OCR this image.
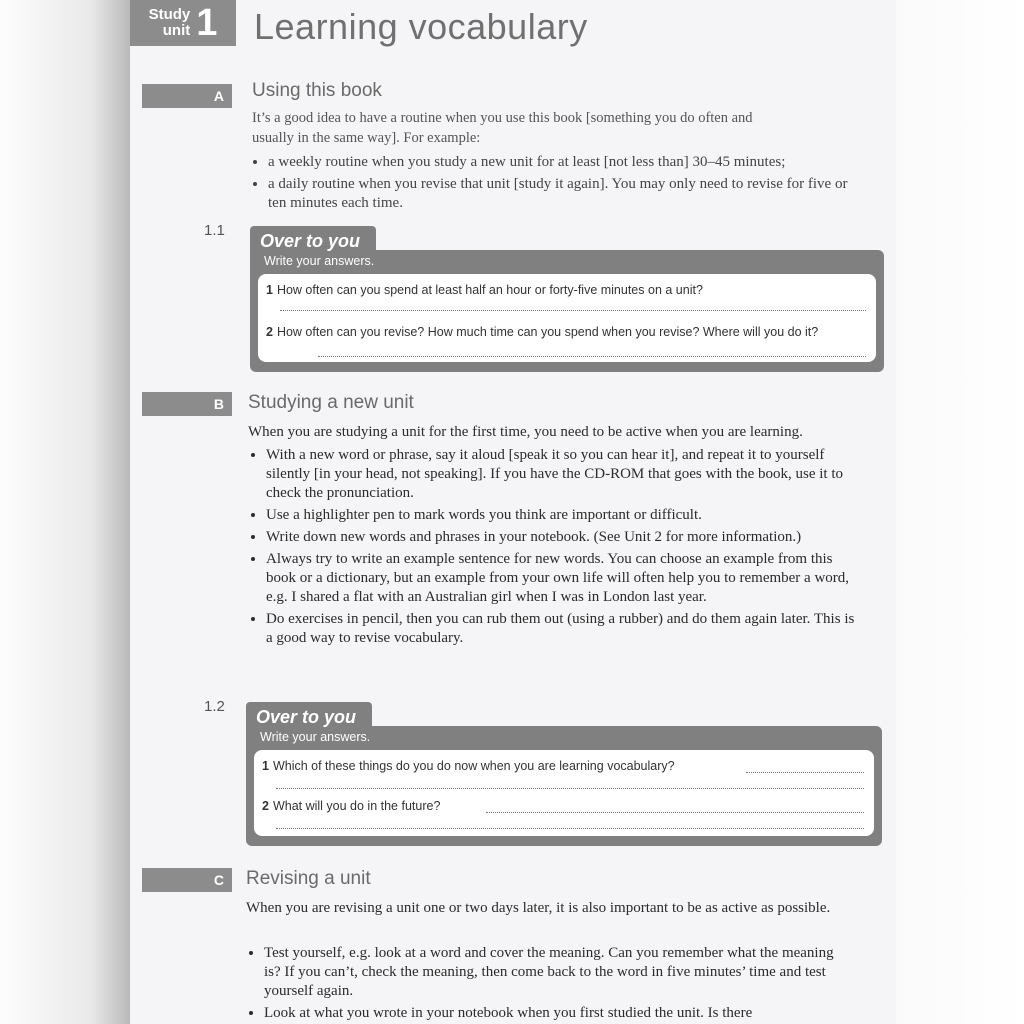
Study
unit 1 Learning vocabulary
A	Using this book
It’s a good idea to have a routine when you use this book [something you do often and
usually in the same way]. For example:
• a weekly routine when you study a new unit for at least [not less than] 30–45 minutes;
• a daily routine when you revise that unit [study it again]. You may only need to revise for five or ten minutes each time.
1.1	Over to you
Write your answers.
1 How often can you spend at least half an hour or forty-five minutes on a unit?
2 How often can you revise? How much time can you spend when you revise? Where will you do it?
B	Studying a new unit
When you are studying a unit for the first time, you need to be active when you are learning.
• With a new word or phrase, say it aloud [speak it so you can hear it], and repeat it to yourself silently [in your head, not speaking]. If you have the CD-ROM that goes with the book, use it to check the pronunciation.
• Use a highlighter pen to mark words you think are important or difficult.
• Write down new words and phrases in your notebook. (See Unit 2 for more information.)
• Always try to write an example sentence for new words. You can choose an example from this book or a dictionary, but an example from your own life will often help you to remember a word, e.g. I shared a flat with an Australian girl when I was in London last year.
• Do exercises in pencil, then you can rub them out (using a rubber) and do them again later. This is a good way to revise vocabulary.
1.2	Over to you
Write your answers.
1 Which of these things do you do now when you are learning vocabulary?
2 What will you do in the future?
C	Revising a unit
When you are revising a unit one or two days later, it is also important to be as active as possible.
• Test yourself, e.g. look at a word and cover the meaning. Can you remember what the meaning is? If you can’t, check the meaning, then come back to the word in five minutes’ time and test yourself again.
• Look at what you wrote in your notebook when you first studied the unit. Is there
